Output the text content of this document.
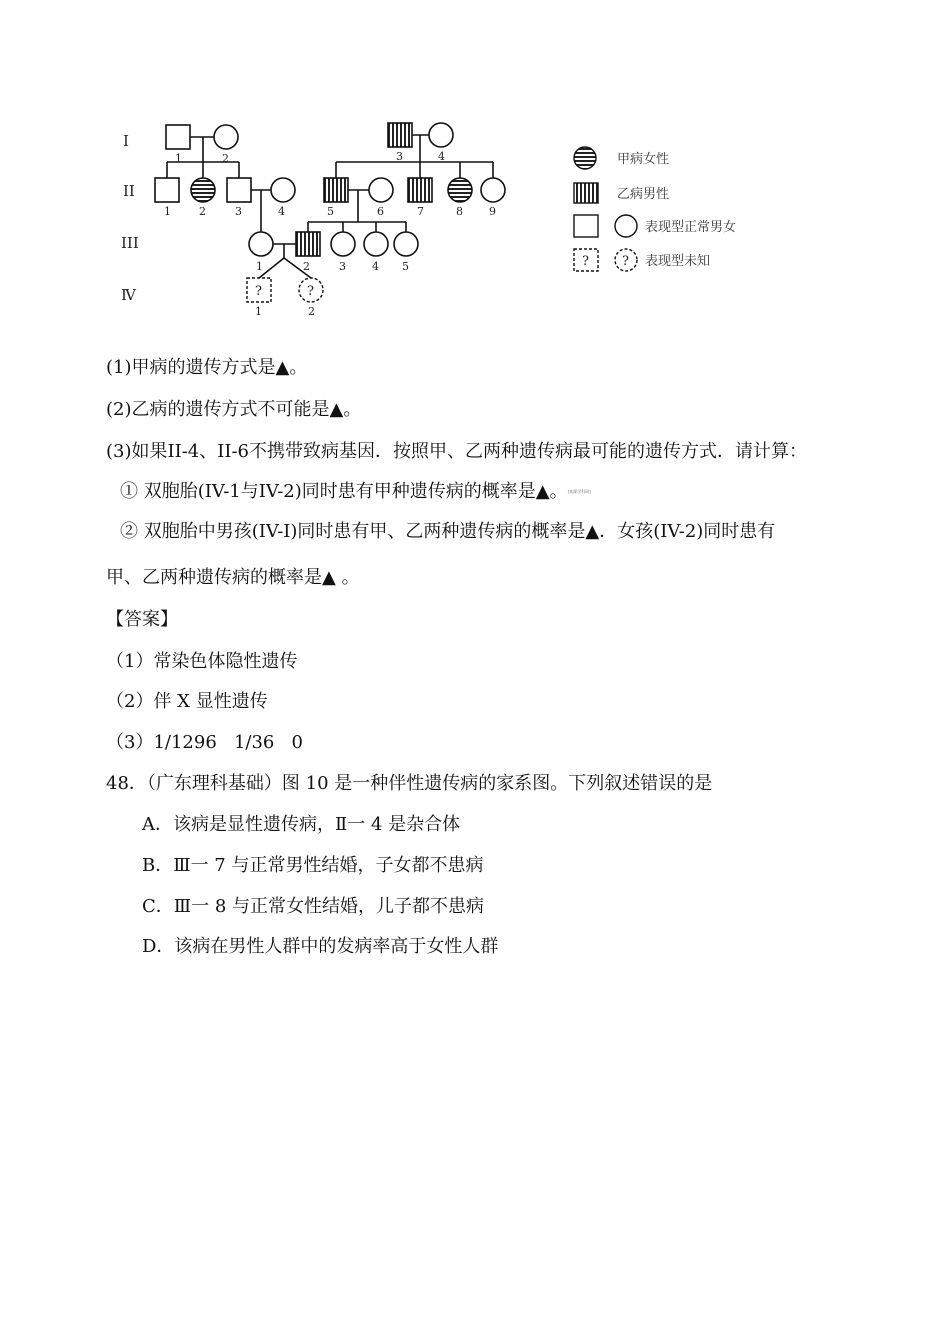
I
II
III
Ⅳ	?	?
1	2	3	4
1	2	3	4	5	6	7	8 9
1	2	3 4 5
1	2
甲病女性
乙病男性
表现型正常男女
?	? 表现型未知
(1)甲病的遗传方式是▲。
(2)乙病的遗传方式不可能是▲。
(3)如果II-4、II-6不携带致病基因．按照甲、乙两种遗传病最可能的遗传方式．请计算：
① 双胞胎(IV-1与IV-2)同时患有甲种遗传病的概率是▲。[来源学科网]
② 双胞胎中男孩(IV-I)同时患有甲、乙两种遗传病的概率是▲．女孩(IV-2)同时患有
甲、乙两种遗传病的概率是▲ 。
【答案】
（1）常染色体隐性遗传
（2）伴 X 显性遗传
（3）1/1296   1/36   0
48．（广东理科基础）图 10 是一种伴性遗传病的家系图。下列叙述错误的是
A．该病是显性遗传病，Ⅱ一 4 是杂合体
B．Ⅲ一 7 与正常男性结婚，子女都不患病
C．Ⅲ一 8 与正常女性结婚，儿子都不患病
D．该病在男性人群中的发病率高于女性人群
